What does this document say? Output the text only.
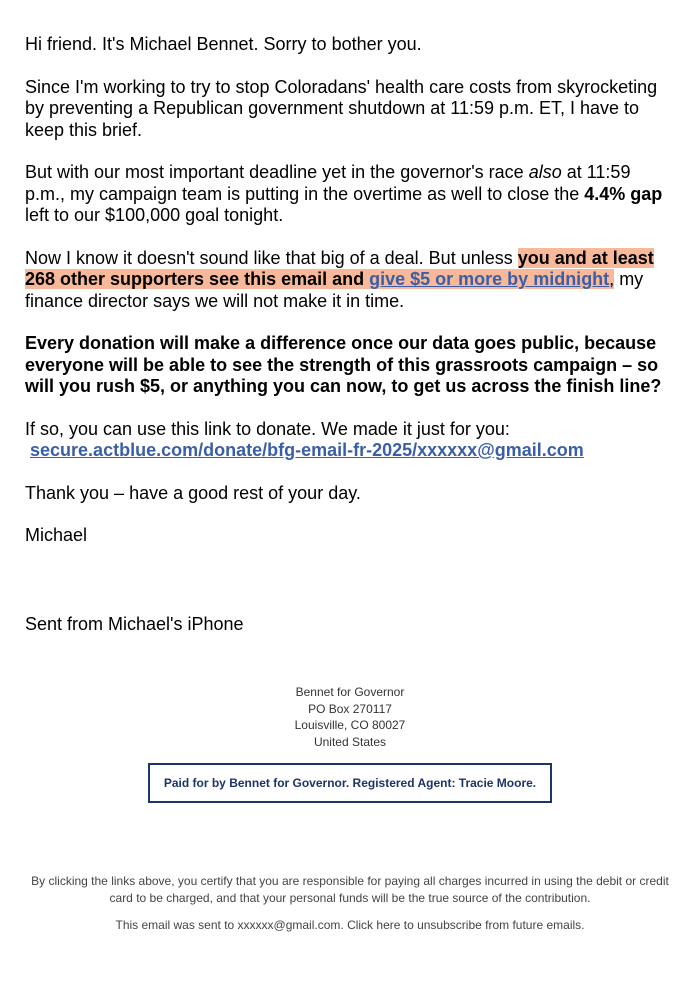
Hi friend. It's Michael Bennet. Sorry to bother you.

Since I'm working to try to stop Coloradans' health care costs from skyrocketing by preventing a Republican government shutdown at 11:59 p.m. ET, I have to keep this brief.

But with our most important deadline yet in the governor's race also at 11:59 p.m., my campaign team is putting in the overtime as well to close the 4.4% gap left to our $100,000 goal tonight.

Now I know it doesn't sound like that big of a deal. But unless you and at least 268 other supporters see this email and give $5 or more by midnight, my finance director says we will not make it in time.

Every donation will make a difference once our data goes public, because everyone will be able to see the strength of this grassroots campaign – so will you rush $5, or anything you can now, to get us across the finish line?

If so, you can use this link to donate. We made it just for you:
secure.actblue.com/donate/bfg-email-fr-2025/xxxxxx@gmail.com

Thank you – have a good rest of your day.

Michael

Sent from Michael's iPhone
Bennet for Governor
PO Box 270117
Louisville, CO 80027
United States
Paid for by Bennet for Governor. Registered Agent: Tracie Moore.
By clicking the links above, you certify that you are responsible for paying all charges incurred in using the debit or credit card to be charged, and that your personal funds will be the true source of the contribution.
This email was sent to xxxxxx@gmail.com. Click here to unsubscribe from future emails.
